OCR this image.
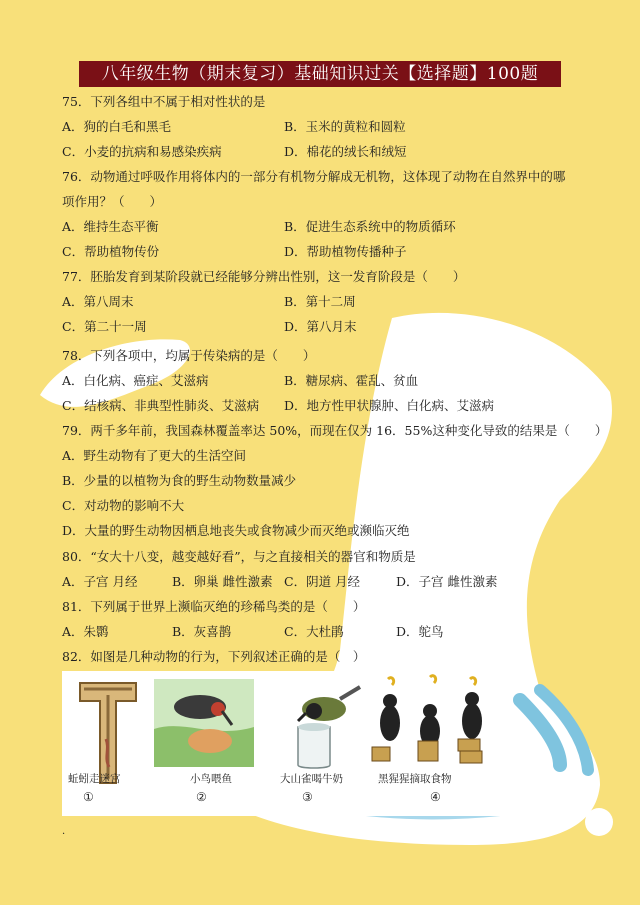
八年级生物（期末复习）基础知识过关【选择题】100题
75．下列各组中不属于相对性状的是
A．狗的白毛和黑毛	B．玉米的黄粒和圆粒
C．小麦的抗病和易感染疾病	D．棉花的绒长和绒短
76．动物通过呼吸作用将体内的一部分有机物分解成无机物，这体现了动物在自然界中的哪
项作用？（　　）
A．维持生态平衡	B．促进生态系统中的物质循环
C．帮助植物传份	D．帮助植物传播种子
77．胚胎发育到某阶段就已经能够分辨出性别，这一发育阶段是（　　）
A．第八周末	B．第十二周
C．第二十一周	D．第八月末
78．下列各项中，均属于传染病的是（　　）
A．白化病、癌症、艾滋病	B．糖尿病、霍乱、贫血
C．结核病、非典型性肺炎、艾滋病 D．地方性甲状腺肿、白化病、艾滋病
79．两千多年前，我国森林覆盖率达 50%，而现在仅为 16．55%这种变化导致的结果是（　　）
A．野生动物有了更大的生活空间
B．少量的以植物为食的野生动物数量减少
C．对动物的影响不大
D．大量的野生动物因栖息地丧失或食物减少而灭绝或濒临灭绝
80．“女大十八变，越变越好看”，与之直接相关的器官和物质是
A．子宫 月经	B．卵巢 雌性激素 C．阴道 月经	D．子宫 雌性激素
81．下列属于世界上濒临灭绝的珍稀鸟类的是（　　）
A．朱鹮	B．灰喜鹊	C．大杜鹃	D．鸵鸟
82．如图是几种动物的行为，下列叙述正确的是（　）
蚯蚓走迷宫
①
小鸟喂鱼
②
大山雀喝牛奶
③
黑猩猩摘取食物
④
.
